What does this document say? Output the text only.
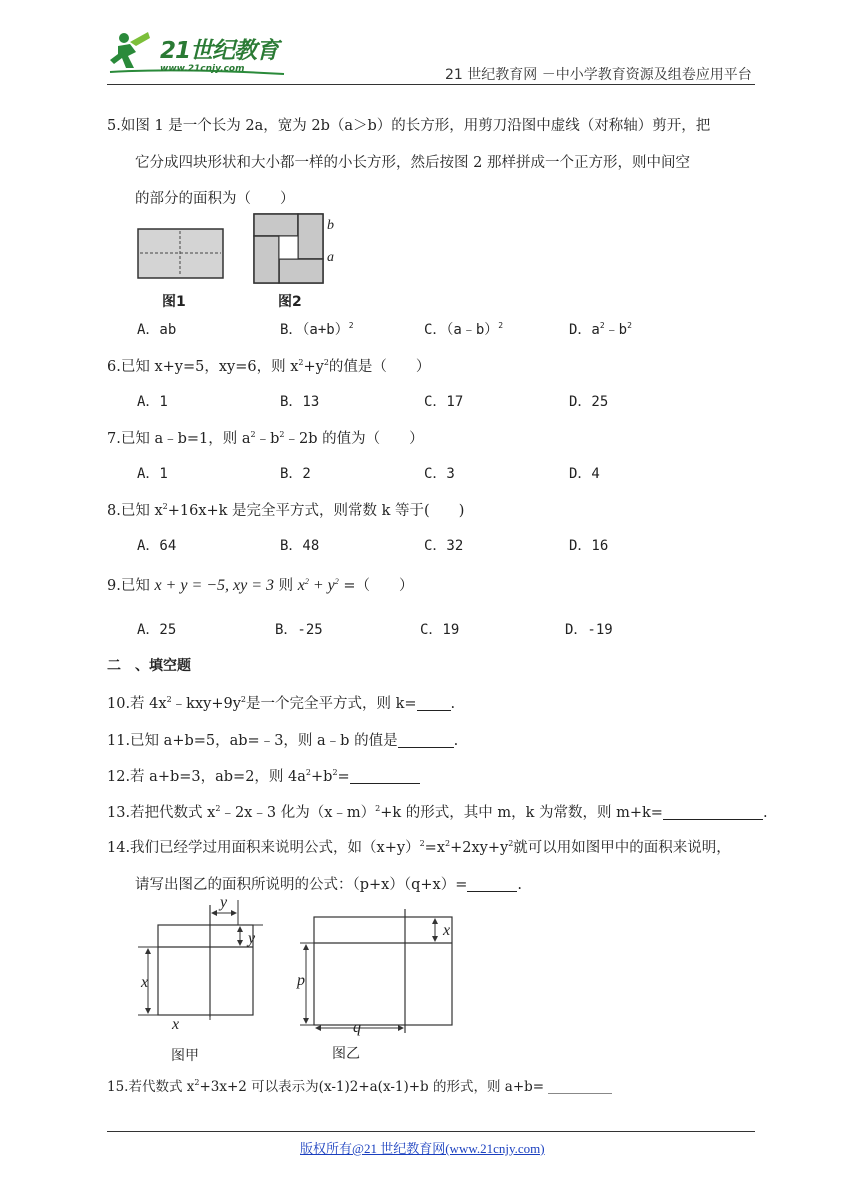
21世纪教育
www.21cnjy.com	21 世纪教育网 －中小学教育资源及组卷应用平台
5.如图 1 是一个长为 2a，宽为 2b（a＞b）的长方形，用剪刀沿图中虚线（对称轴）剪开，把
它分成四块形状和大小都一样的小长方形，然后按图 2 那样拼成一个正方形，则中间空
的部分的面积为（　　）
图1
b
a
图2
A．ab	B．$(a+b)^2$	C．（a﹣b）$^2$	D．$a^2﹣b^2$
6.已知 x+y=5，xy=6，则 $x^2+y^2$的值是（　　）
A．1	B．13	C．17	D．25
7.已知 a﹣b=1，则 $a^2﹣b^2﹣2b$ 的值为（　　）
A．1	B．2	C．3	D．4
8.已知 $x^2+16x+k$ 是完全平方式，则常数 k 等于(　　)
A．64	B．48	C．32	D．16
9.已知 x + y = −5, xy = 3 则 $x^2 + y^2$ =（　　）
A．25	B．-25	C．19	D．-19
二　、填空题
10.若 $4x^2﹣kxy+9y^2$是一个完全平方式，则 k= .
11.已知 a+b=5，ab=﹣3，则 a﹣b 的值是	.
12.若 a+b=3，ab=2，则 $4a^2+b^2=$
13.若把代数式 $x^2﹣2x﹣3$ 化为（x﹣m）$^2$+k 的形式，其中 m，k 为常数，则 m+k=	.
14.我们已经学过用面积来说明公式，如$(x+y)^2=x^2+2xy+y^2$就可以用如图甲中的面积来说明，
请写出图乙的面积所说明的公式：（p+x）（q+x）=	.
y
y
x
x
图甲
x
p
q
图乙
15.若代数式 $x^2+3x+2$ 可以表示为(x-1)2+a(x-1)+b 的形式，则 a+b=
版权所有@21 世纪教育网(www.21cnjy.com)
